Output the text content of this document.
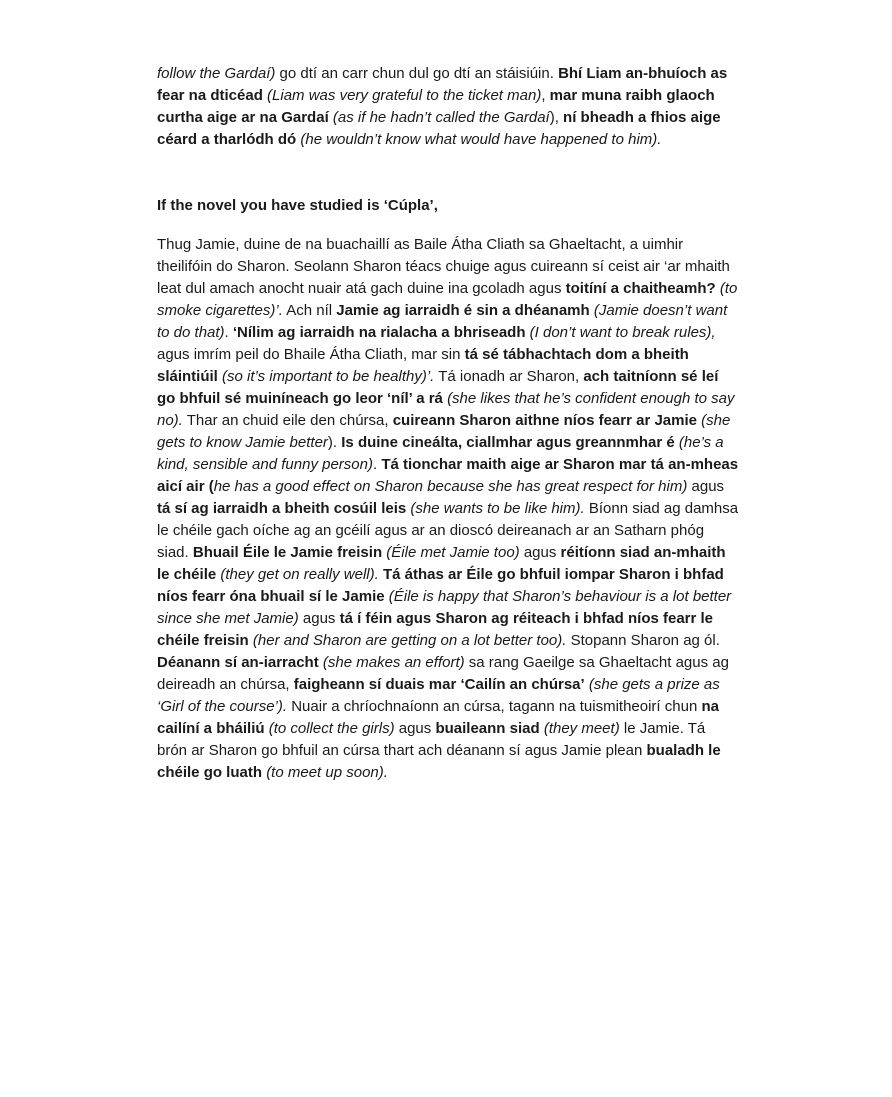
follow the Gardaí) go dtí an carr chun dul go dtí an stáisiúin. Bhí Liam an-bhuíoch as fear na dticéad (Liam was very grateful to the ticket man), mar muna raibh glaoch curtha aige ar na Gardaí (as if he hadn’t called the Gardaí), ní bheadh a fhios aige céard a tharlódh dó (he wouldn’t know what would have happened to him).

If the novel you have studied is ‘Cúpla’,

Thug Jamie, duine de na buachaillí as Baile Átha Cliath sa Ghaeltacht, a uimhir theilifóin do Sharon. Seolann Sharon téacs chuige agus cuireann sí ceist air ‘ar mhaith leat dul amach anocht nuair atá gach duine ina gcoladh agus toitíní a chaitheamh? (to smoke cigarettes)’. Ach níl Jamie ag iarraidh é sin a dhéanamh (Jamie doesn’t want to do that). ‘Nílim ag iarraidh na rialacha a bhriseadh (I don’t want to break rules), agus imrím peil do Bhaile Átha Cliath, mar sin tá sé tábhachtach dom a bheith sláintiúil (so it’s important to be healthy)’. Tá ionadh ar Sharon, ach taitníonn sé leí go bhfuil sé muiníneach go leor ‘níl’ a rá (she likes that he’s confident enough to say no). Thar an chuid eile den chúrsa, cuireann Sharon aithne níos fearr ar Jamie (she gets to know Jamie better). Is duine cineálta, ciallmhar agus greannmhar é (he’s a kind, sensible and funny person). Tá tionchar maith aige ar Sharon mar tá an-mheas aicí air (he has a good effect on Sharon because she has great respect for him) agus tá sí ag iarraidh a bheith cosúil leis (she wants to be like him). Bíonn siad ag damhsa le chéile gach oíche ag an gcéilí agus ar an dioscó deireanach ar an Satharn phóg siad. Bhuail Éile le Jamie freisin (Éile met Jamie too) agus réitíonn siad an-mhaith le chéile (they get on really well). Tá áthas ar Éile go bhfuil iompar Sharon i bhfad níos fearr óna bhuail sí le Jamie (Éile is happy that Sharon’s behaviour is a lot better since she met Jamie) agus tá í féin agus Sharon ag réiteach i bhfad níos fearr le chéile freisin (her and Sharon are getting on a lot better too). Stopann Sharon ag ól. Déanann sí an-iarracht (she makes an effort) sa rang Gaeilge sa Ghaeltacht agus ag deireadh an chúrsa, faigheann sí duais mar ‘Cailín an chúrsa’ (she gets a prize as ‘Girl of the course’). Nuair a chríochnaíonn an cúrsa, tagann na tuismitheoirí chun na cailíní a bháiliú (to collect the girls) agus buaileann siad (they meet) le Jamie. Tá brón ar Sharon go bhfuil an cúrsa thart ach déanann sí agus Jamie plean bualadh le chéile go luath (to meet up soon).
